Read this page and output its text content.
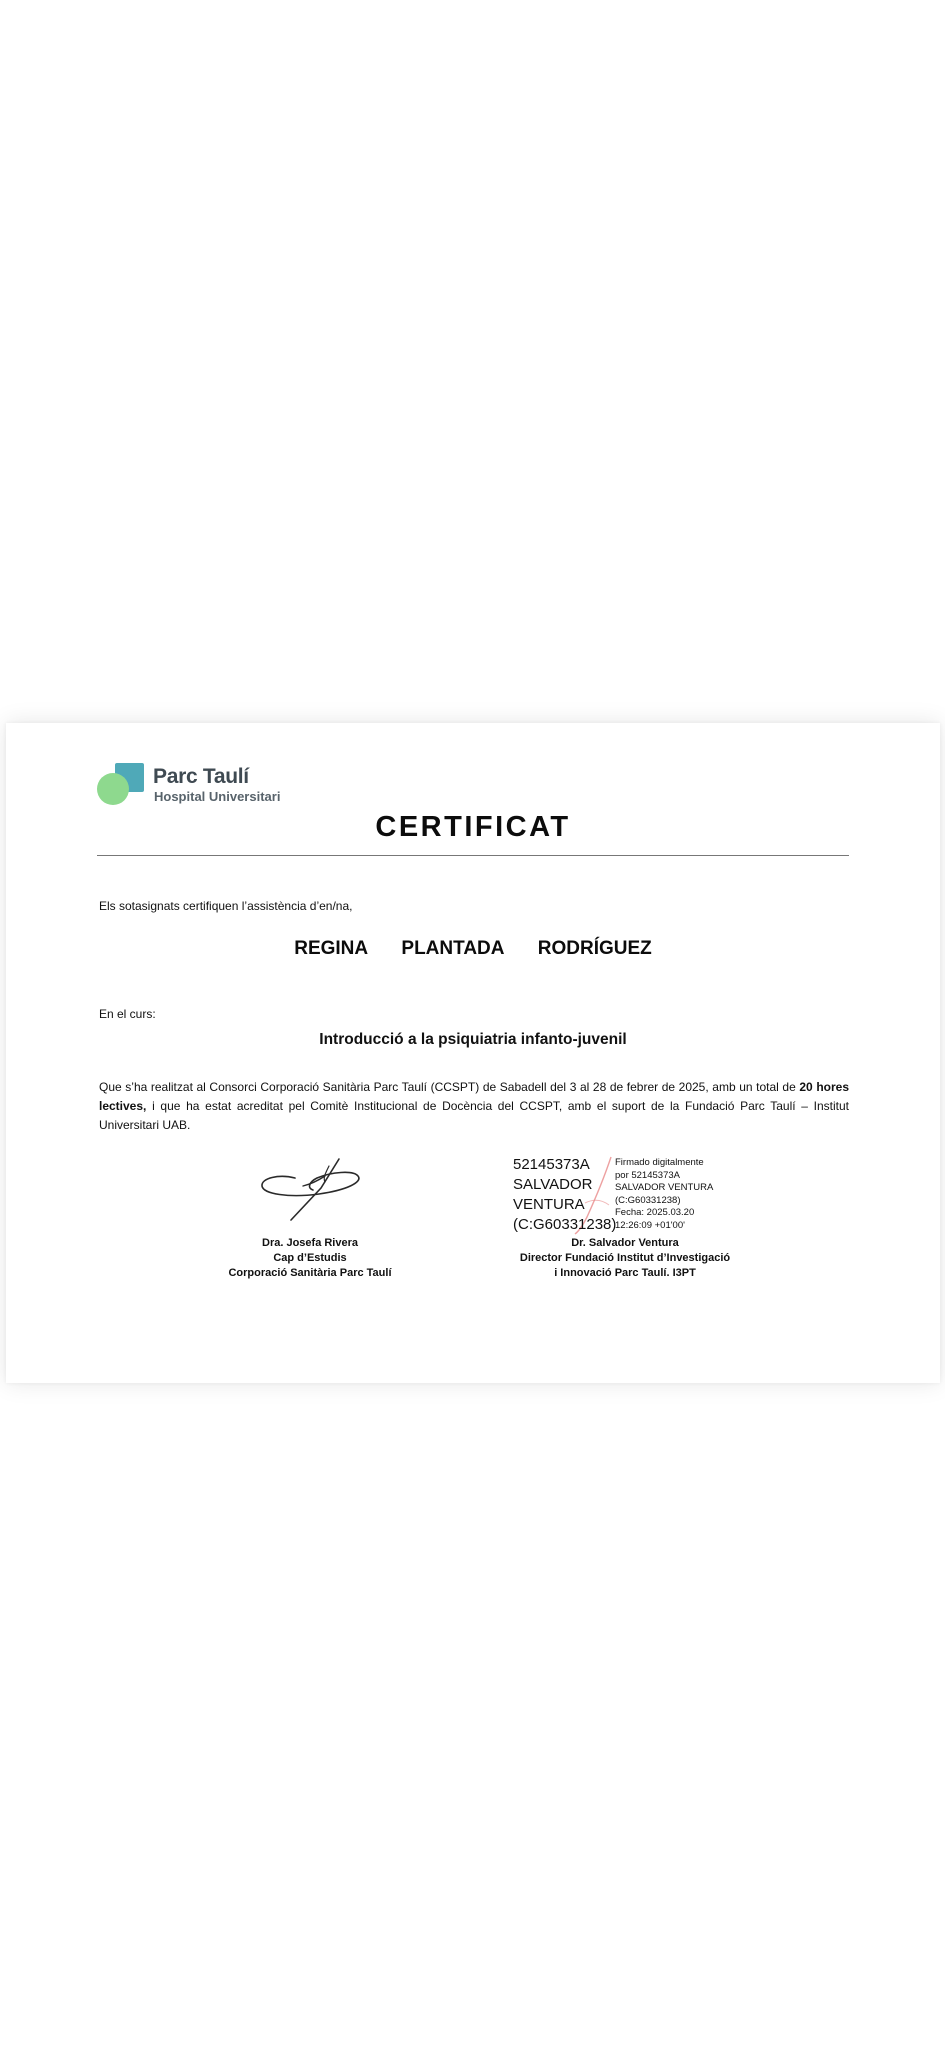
Parc Taulí
Hospital Universitari
CERTIFICAT
Els sotasignats certifiquen l’assistència d’en/na,
REGINA PLANTADA RODRÍGUEZ
En el curs:
Introducció a la psiquiatria infanto-juvenil
Que s’ha realitzat al Consorci Corporació Sanitària Parc Taulí (CCSPT) de Sabadell del 3 al 28 de febrer de 2025, amb un total de 20 hores lectives, i que ha estat acreditat pel Comitè Institucional de Docència del CCSPT, amb el suport de la Fundació Parc Taulí – Institut Universitari UAB.
Dra. Josefa Rivera
Cap d’Estudis
Corporació Sanitària Parc Taulí
52145373A
SALVADOR
VENTURA
(C:G60331238)
Firmado digitalmente
por 52145373A
SALVADOR VENTURA
(C:G60331238)
Fecha: 2025.03.20
12:26:09 +01'00'
Dr. Salvador Ventura
Director Fundació Institut d’Investigació
i Innovació Parc Taulí. I3PT
